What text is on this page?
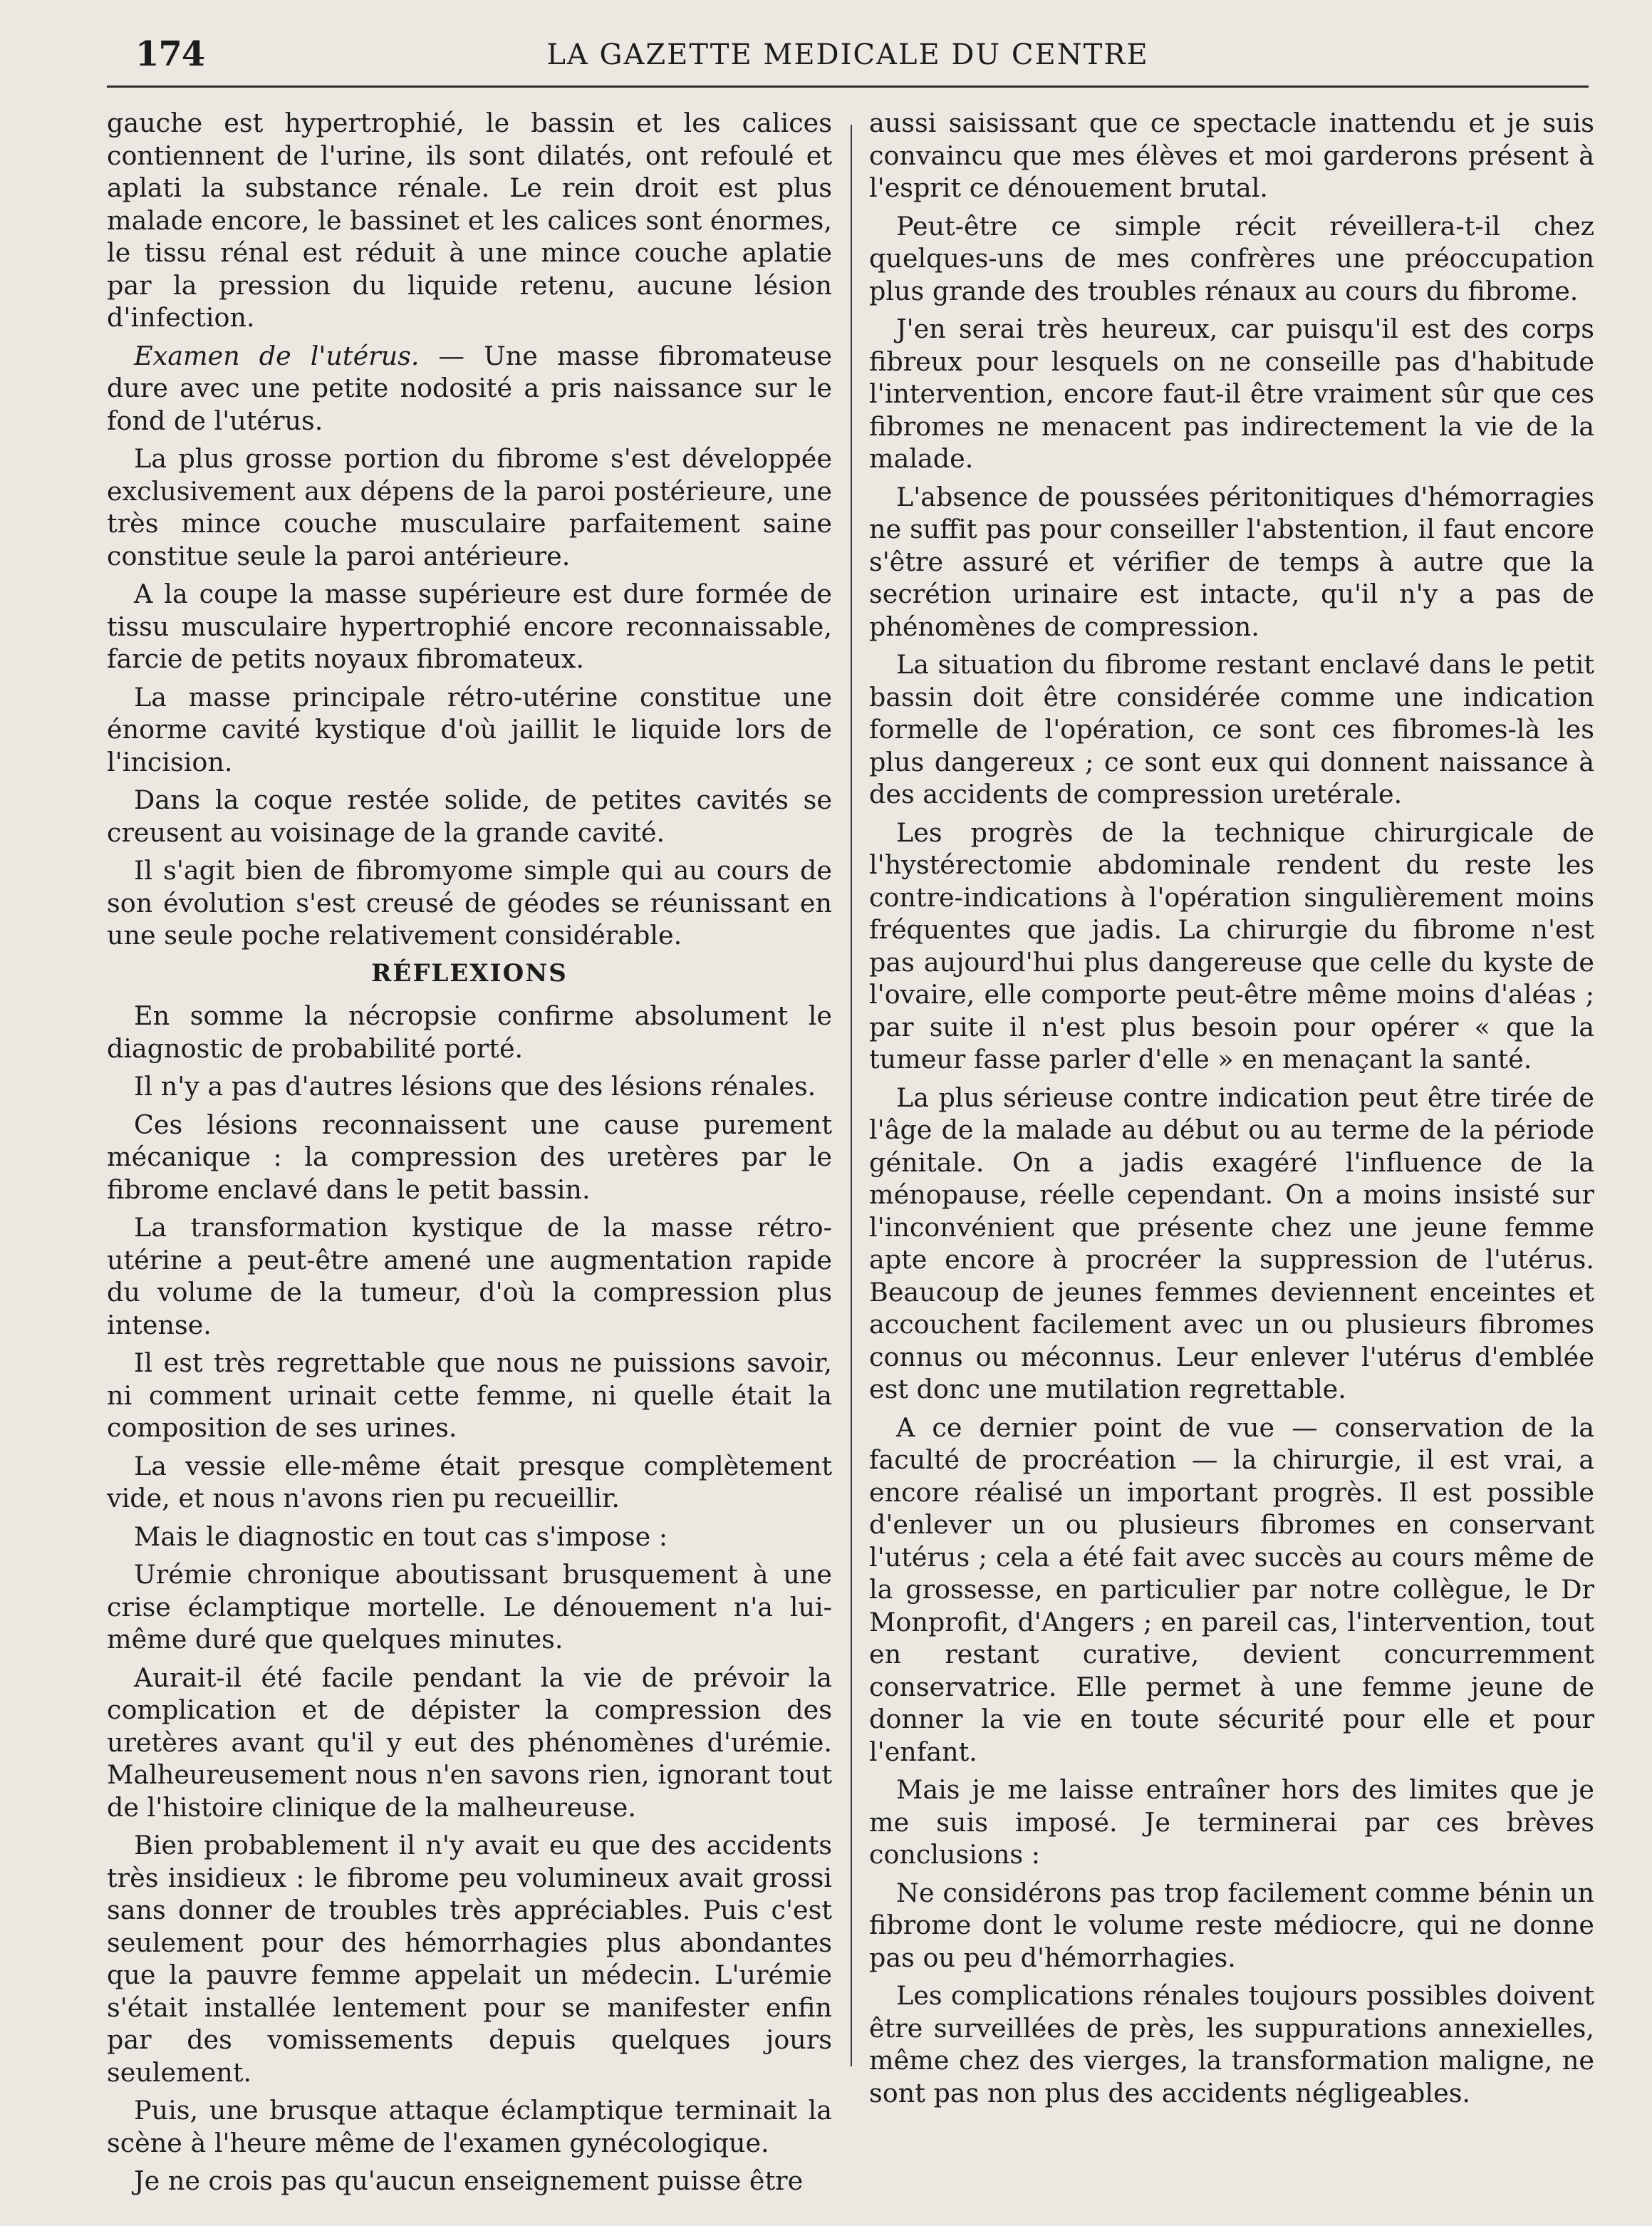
174	LA GAZETTE MEDICALE DU CENTRE

gauche est hypertrophié, le bassin et les calices contiennent de l'urine, ils sont dilatés, ont refoulé et aplati la substance rénale. Le rein droit est plus malade encore, le bassinet et les calices sont énormes, le tissu rénal est réduit à une mince couche aplatie par la pression du liquide retenu, aucune lésion d'infection.

Examen de l'utérus. — Une masse fibromateuse dure avec une petite nodosité a pris naissance sur le fond de l'utérus.

La plus grosse portion du fibrome s'est développée exclusivement aux dépens de la paroi postérieure, une très mince couche musculaire parfaitement saine constitue seule la paroi antérieure.

A la coupe la masse supérieure est dure formée de tissu musculaire hypertrophié encore reconnaissable, farcie de petits noyaux fibromateux.

La masse principale rétro-utérine constitue une énorme cavité kystique d'où jaillit le liquide lors de l'incision.

Dans la coque restée solide, de petites cavités se creusent au voisinage de la grande cavité.

Il s'agit bien de fibromyome simple qui au cours de son évolution s'est creusé de géodes se réunissant en une seule poche relativement considérable.

RÉFLEXIONS

En somme la nécropsie confirme absolument le diagnostic de probabilité porté.

Il n'y a pas d'autres lésions que des lésions rénales.

Ces lésions reconnaissent une cause purement mécanique : la compression des uretères par le fibrome enclavé dans le petit bassin.

La transformation kystique de la masse rétro-utérine a peut-être amené une augmentation rapide du volume de la tumeur, d'où la compression plus intense.

Il est très regrettable que nous ne puissions savoir, ni comment urinait cette femme, ni quelle était la composition de ses urines.

La vessie elle-même était presque complètement vide, et nous n'avons rien pu recueillir.

Mais le diagnostic en tout cas s'impose :

Urémie chronique aboutissant brusquement à une crise éclamptique mortelle. Le dénouement n'a lui-même duré que quelques minutes.

Aurait-il été facile pendant la vie de prévoir la complication et de dépister la compression des uretères avant qu'il y eut des phénomènes d'urémie. Malheureusement nous n'en savons rien, ignorant tout de l'histoire clinique de la malheureuse.

Bien probablement il n'y avait eu que des accidents très insidieux : le fibrome peu volumineux avait grossi sans donner de troubles très appréciables. Puis c'est seulement pour des hémorrhagies plus abondantes que la pauvre femme appelait un médecin. L'urémie s'était installée lentement pour se manifester enfin par des vomissements depuis quelques jours seulement.

Puis, une brusque attaque éclamptique terminait la scène à l'heure même de l'examen gynécologique.

Je ne crois pas qu'aucun enseignement puisse être

aussi saisissant que ce spectacle inattendu et je suis convaincu que mes élèves et moi garderons présent à l'esprit ce dénouement brutal.

Peut-être ce simple récit réveillera-t-il chez quelques-uns de mes confrères une préoccupation plus grande des troubles rénaux au cours du fibrome.

J'en serai très heureux, car puisqu'il est des corps fibreux pour lesquels on ne conseille pas d'habitude l'intervention, encore faut-il être vraiment sûr que ces fibromes ne menacent pas indirectement la vie de la malade.

L'absence de poussées péritonitiques d'hémorragies ne suffit pas pour conseiller l'abstention, il faut encore s'être assuré et vérifier de temps à autre que la secrétion urinaire est intacte, qu'il n'y a pas de phénomènes de compression.

La situation du fibrome restant enclavé dans le petit bassin doit être considérée comme une indication formelle de l'opération, ce sont ces fibromes-là les plus dangereux ; ce sont eux qui donnent naissance à des accidents de compression uretérale.

Les progrès de la technique chirurgicale de l'hystérectomie abdominale rendent du reste les contre-indications à l'opération singulièrement moins fréquentes que jadis. La chirurgie du fibrome n'est pas aujourd'hui plus dangereuse que celle du kyste de l'ovaire, elle comporte peut-être même moins d'aléas ; par suite il n'est plus besoin pour opérer « que la tumeur fasse parler d'elle » en menaçant la santé.

La plus sérieuse contre indication peut être tirée de l'âge de la malade au début ou au terme de la période génitale. On a jadis exagéré l'influence de la ménopause, réelle cependant. On a moins insisté sur l'inconvénient que présente chez une jeune femme apte encore à procréer la suppression de l'utérus. Beaucoup de jeunes femmes deviennent enceintes et accouchent facilement avec un ou plusieurs fibromes connus ou méconnus. Leur enlever l'utérus d'emblée est donc une mutilation regrettable.

A ce dernier point de vue — conservation de la faculté de procréation — la chirurgie, il est vrai, a encore réalisé un important progrès. Il est possible d'enlever un ou plusieurs fibromes en conservant l'utérus ; cela a été fait avec succès au cours même de la grossesse, en particulier par notre collègue, le Dr Monprofit, d'Angers ; en pareil cas, l'intervention, tout en restant curative, devient concurremment conservatrice. Elle permet à une femme jeune de donner la vie en toute sécurité pour elle et pour l'enfant.

Mais je me laisse entraîner hors des limites que je me suis imposé. Je terminerai par ces brèves conclusions :

Ne considérons pas trop facilement comme bénin un fibrome dont le volume reste médiocre, qui ne donne pas ou peu d'hémorrhagies.

Les complications rénales toujours possibles doivent être surveillées de près, les suppurations annexielles, même chez des vierges, la transformation maligne, ne sont pas non plus des accidents négligeables.
